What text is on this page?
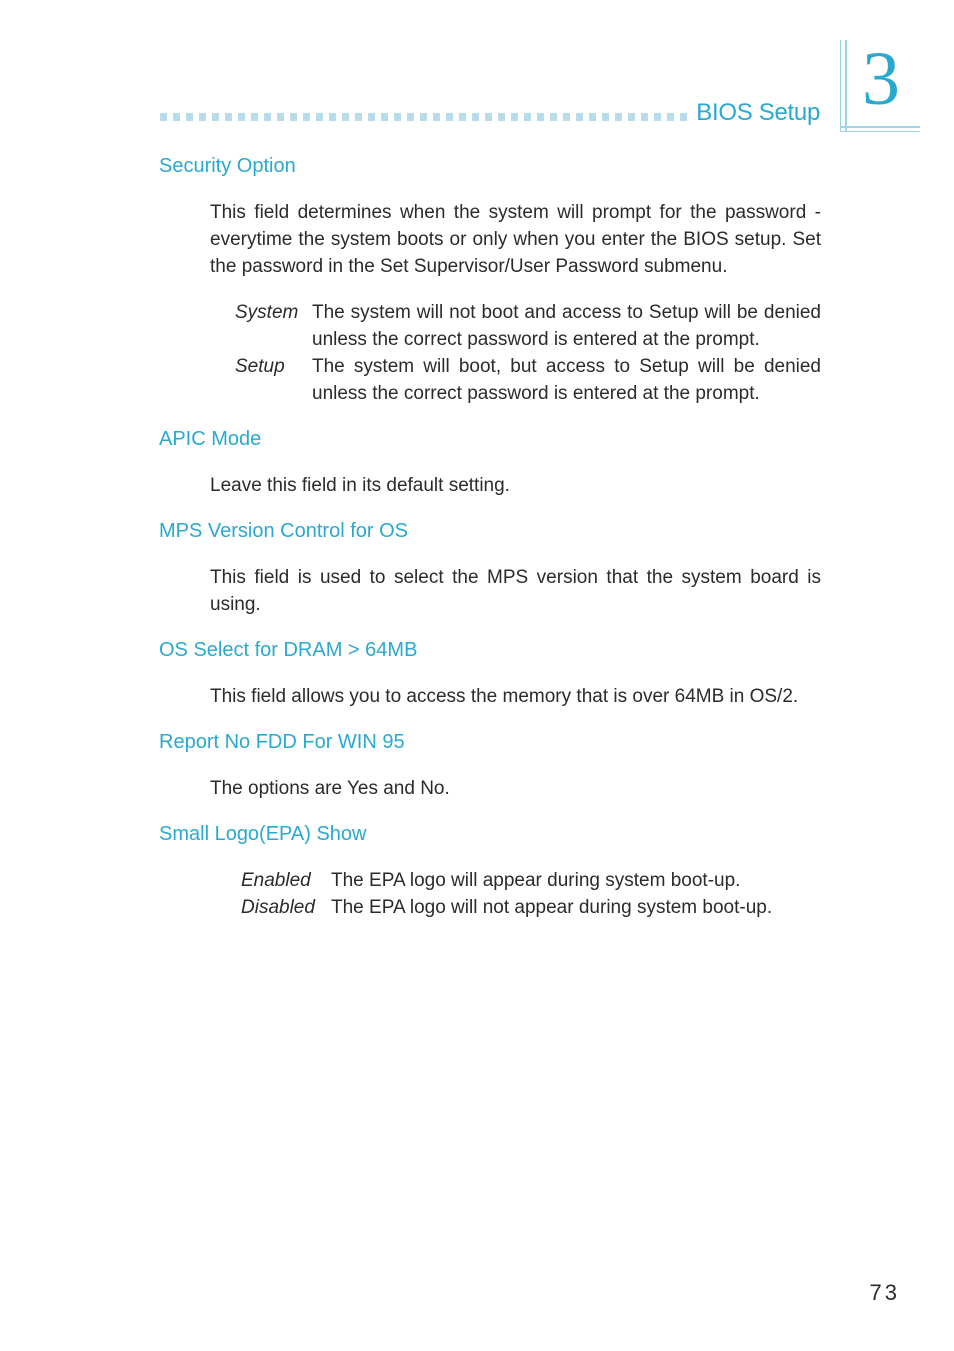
BIOS Setup 3
Security Option
This field determines when the system will prompt for the password - everytime the system boots or only when you enter the BIOS setup. Set the password in the Set Supervisor/User Password submenu.
System The system will not boot and access to Setup will be denied unless the correct password is entered at the prompt.
Setup	The system will boot, but access to Setup will be denied unless the correct password is entered at the prompt.
APIC Mode
Leave this field in its default setting.
MPS Version Control for OS
This field is used to select the MPS version that the system board is using.
OS Select for DRAM > 64MB
This field allows you to access the memory that is over 64MB in OS/2.
Report No FDD For WIN 95
The options are Yes and No.
Small Logo(EPA) Show
Enabled	The EPA logo will appear during system boot-up.
Disabled The EPA logo will not appear during system boot-up.
73
